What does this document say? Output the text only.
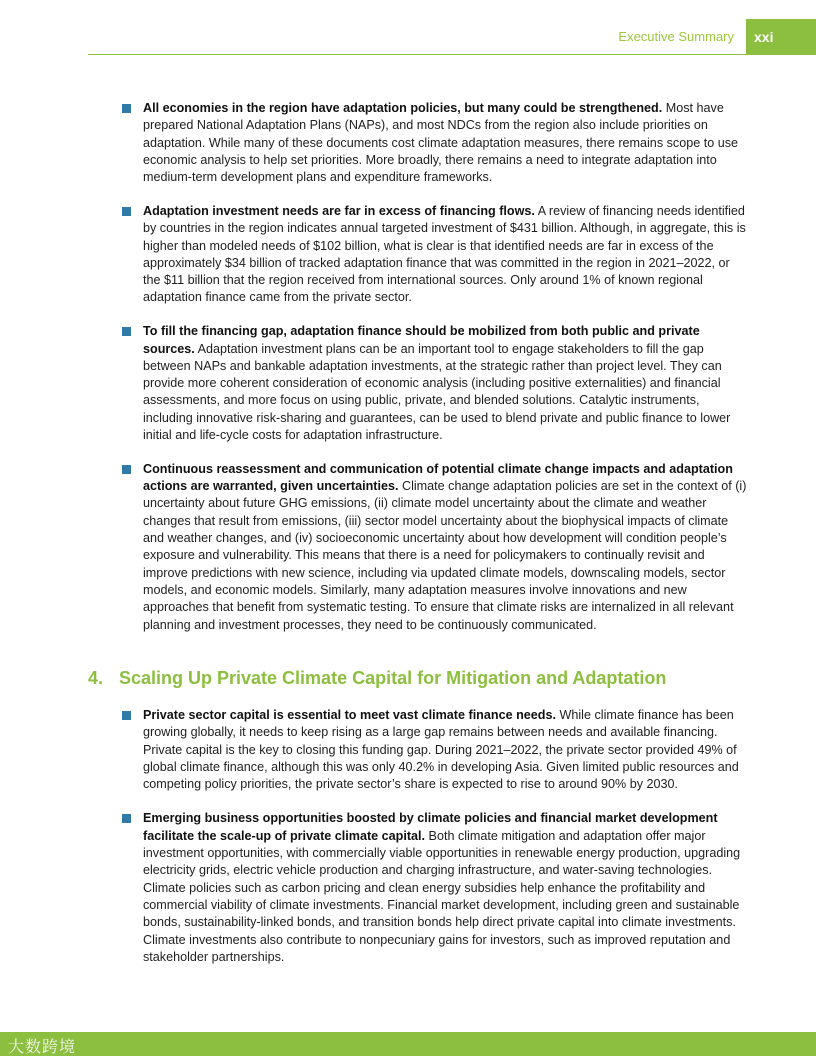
Executive Summary xxi
All economies in the region have adaptation policies, but many could be strengthened. Most have prepared National Adaptation Plans (NAPs), and most NDCs from the region also include priorities on adaptation. While many of these documents cost climate adaptation measures, there remains scope to use economic analysis to help set priorities. More broadly, there remains a need to integrate adaptation into medium-term development plans and expenditure frameworks.
Adaptation investment needs are far in excess of financing flows. A review of financing needs identified by countries in the region indicates annual targeted investment of $431 billion. Although, in aggregate, this is higher than modeled needs of $102 billion, what is clear is that identified needs are far in excess of the approximately $34 billion of tracked adaptation finance that was committed in the region in 2021–2022, or the $11 billion that the region received from international sources. Only around 1% of known regional adaptation finance came from the private sector.
To fill the financing gap, adaptation finance should be mobilized from both public and private sources. Adaptation investment plans can be an important tool to engage stakeholders to fill the gap between NAPs and bankable adaptation investments, at the strategic rather than project level. They can provide more coherent consideration of economic analysis (including positive externalities) and financial assessments, and more focus on using public, private, and blended solutions. Catalytic instruments, including innovative risk-sharing and guarantees, can be used to blend private and public finance to lower initial and life-cycle costs for adaptation infrastructure.
Continuous reassessment and communication of potential climate change impacts and adaptation actions are warranted, given uncertainties. Climate change adaptation policies are set in the context of (i) uncertainty about future GHG emissions, (ii) climate model uncertainty about the climate and weather changes that result from emissions, (iii) sector model uncertainty about the biophysical impacts of climate and weather changes, and (iv) socioeconomic uncertainty about how development will condition people’s exposure and vulnerability. This means that there is a need for policymakers to continually revisit and improve predictions with new science, including via updated climate models, downscaling models, sector models, and economic models. Similarly, many adaptation measures involve innovations and new approaches that benefit from systematic testing. To ensure that climate risks are internalized in all relevant planning and investment processes, they need to be continuously communicated.
4. Scaling Up Private Climate Capital for Mitigation and Adaptation
Private sector capital is essential to meet vast climate finance needs. While climate finance has been growing globally, it needs to keep rising as a large gap remains between needs and available financing. Private capital is the key to closing this funding gap. During 2021–2022, the private sector provided 49% of global climate finance, although this was only 40.2% in developing Asia. Given limited public resources and competing policy priorities, the private sector’s share is expected to rise to around 90% by 2030.
Emerging business opportunities boosted by climate policies and financial market development facilitate the scale-up of private climate capital. Both climate mitigation and adaptation offer major investment opportunities, with commercially viable opportunities in renewable energy production, upgrading electricity grids, electric vehicle production and charging infrastructure, and water-saving technologies. Climate policies such as carbon pricing and clean energy subsidies help enhance the profitability and commercial viability of climate investments. Financial market development, including green and sustainable bonds, sustainability-linked bonds, and transition bonds help direct private capital into climate investments. Climate investments also contribute to nonpecuniary gains for investors, such as improved reputation and stakeholder partnerships.
大数跨境
